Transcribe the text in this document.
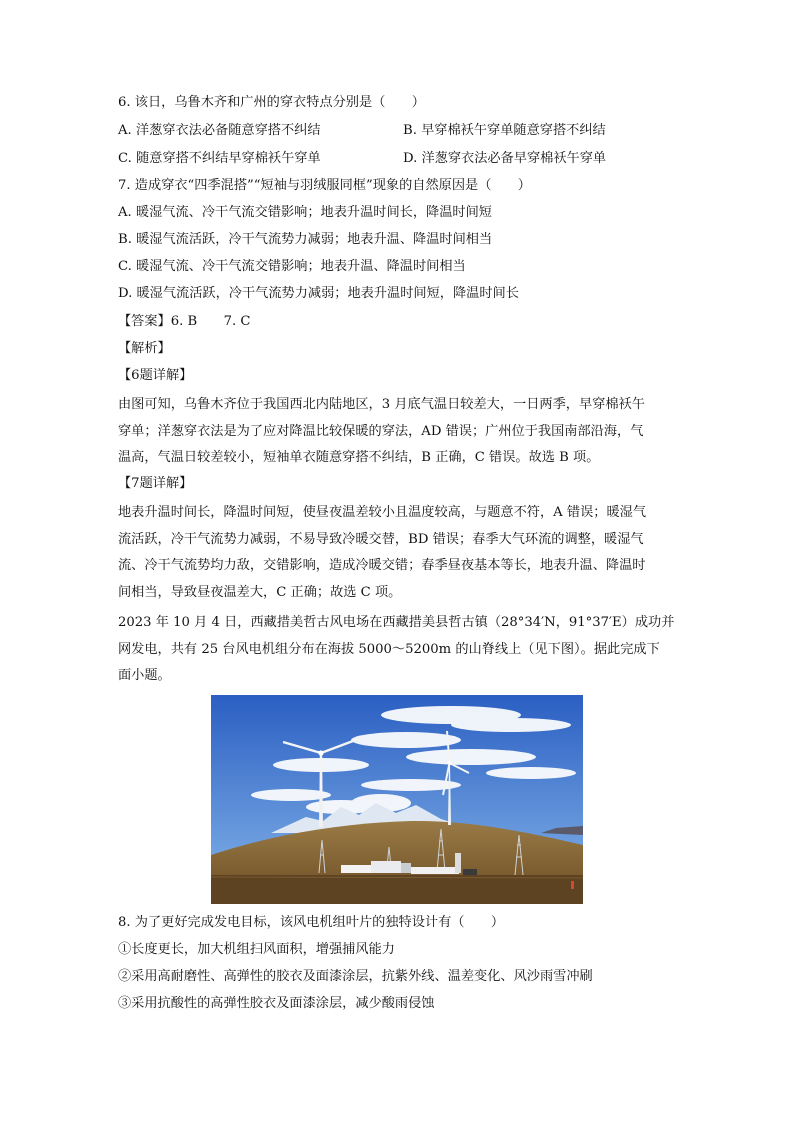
6. 该日，乌鲁木齐和广州的穿衣特点分别是（　　）
A. 洋葱穿衣法必备随意穿搭不纠结	B. 早穿棉袄午穿单随意穿搭不纠结
C. 随意穿搭不纠结早穿棉袄午穿单	D. 洋葱穿衣法必备早穿棉袄午穿单
7. 造成穿衣“四季混搭”“短袖与羽绒服同框”现象的自然原因是（　　）
A. 暖湿气流、冷干气流交错影响；地表升温时间长，降温时间短
B. 暖湿气流活跃，冷干气流势力减弱；地表升温、降温时间相当
C. 暖湿气流、冷干气流交错影响；地表升温、降温时间相当
D. 暖湿气流活跃，冷干气流势力减弱；地表升温时间短，降温时间长
【答案】6. B　　7. C
【解析】
【6题详解】
由图可知，乌鲁木齐位于我国西北内陆地区，3 月底气温日较差大，一日两季，早穿棉袄午
穿单；洋葱穿衣法是为了应对降温比较保暖的穿法，AD 错误；广州位于我国南部沿海，气
温高，气温日较差较小，短袖单衣随意穿搭不纠结，B 正确，C 错误。故选 B 项。
【7题详解】
地表升温时间长，降温时间短，使昼夜温差较小且温度较高，与题意不符，A 错误；暖湿气
流活跃，冷干气流势力减弱，不易导致冷暖交替，BD 错误；春季大气环流的调整，暖湿气
流、冷干气流势均力敌，交错影响，造成冷暖交错；春季昼夜基本等长，地表升温、降温时
间相当，导致昼夜温差大，C 正确；故选 C 项。
2023 年 10 月 4 日，西藏措美哲古风电场在西藏措美县哲古镇（28°34′N，91°37′E）成功并
网发电，共有 25 台风电机组分布在海拔 5000～5200m 的山脊线上（见下图）。据此完成下
面小题。
8. 为了更好完成发电目标，该风电机组叶片的独特设计有（　　）
①长度更长，加大机组扫风面积，增强捕风能力
②采用高耐磨性、高弹性的胶衣及面漆涂层，抗紫外线、温差变化、风沙雨雪冲刷
③采用抗酸性的高弹性胶衣及面漆涂层，减少酸雨侵蚀
